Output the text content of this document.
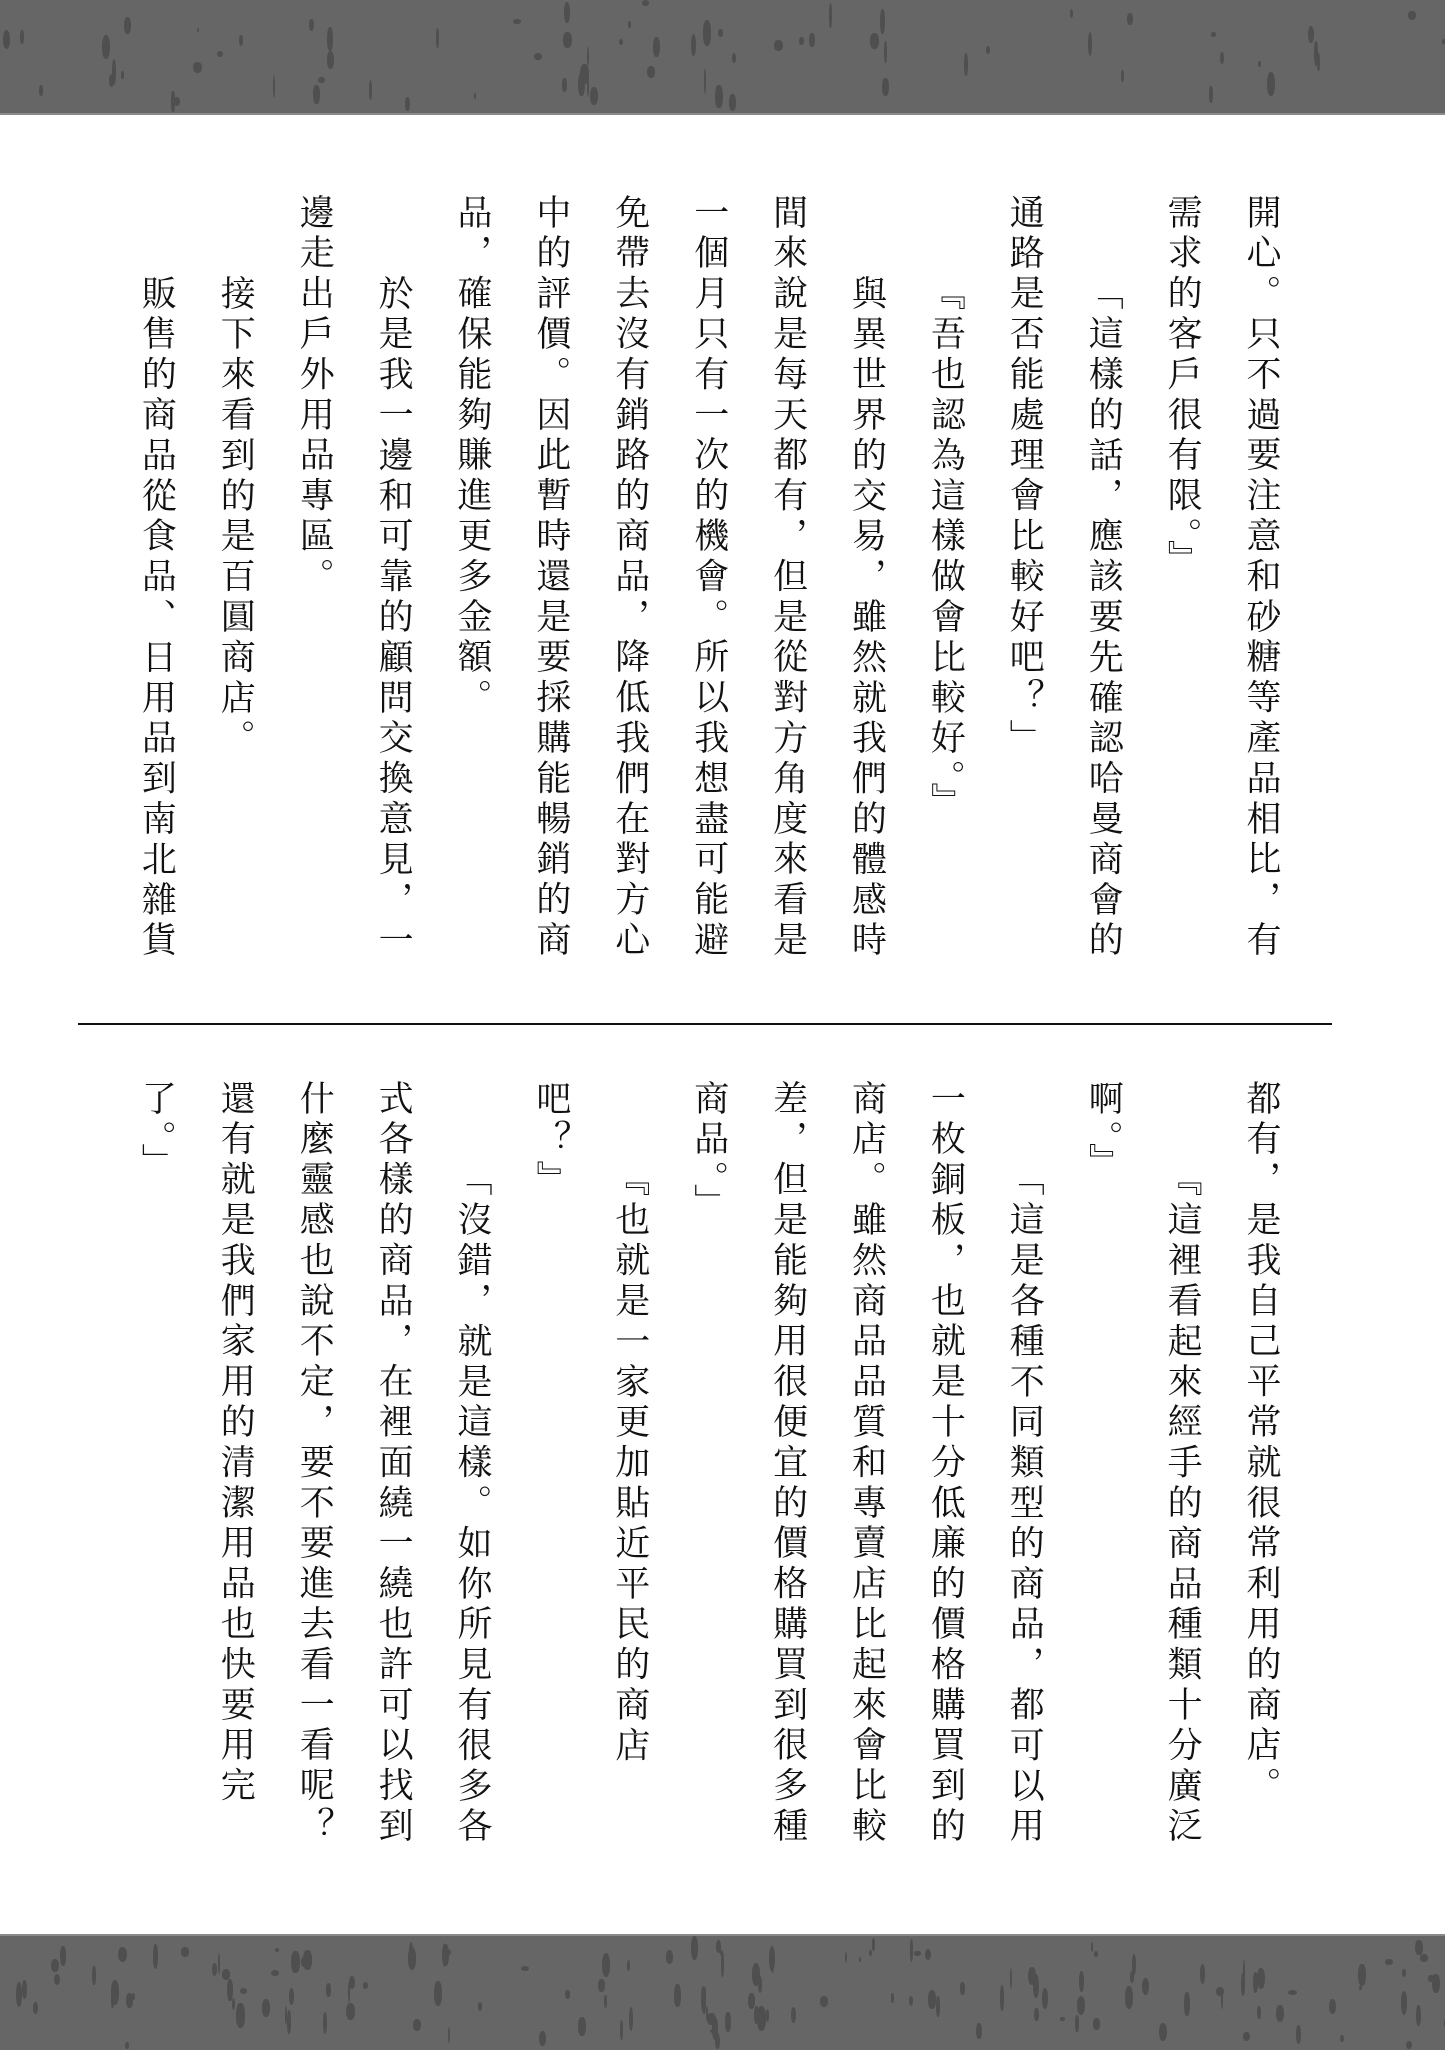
開心。只不過要注意和砂糖等產品相比，有
需求的客戶很有限。』
「這樣的話，應該要先確認哈曼商會的
通路是否能處理會比較好吧？」
『吾也認為這樣做會比較好。』
與異世界的交易，雖然就我們的體感時
間來說是每天都有，但是從對方角度來看是
一個月只有一次的機會。所以我想盡可能避
免帶去沒有銷路的商品，降低我們在對方心
中的評價。因此暫時還是要採購能暢銷的商
品，確保能夠賺進更多金額。
於是我一邊和可靠的顧問交換意見，一
邊走出戶外用品專區。
接下來看到的是百圓商店。
販售的商品從食品、日用品到南北雜貨
都有，是我自己平常就很常利用的商店。
『這裡看起來經手的商品種類十分廣泛
啊。』
「這是各種不同類型的商品，都可以用
一枚銅板，也就是十分低廉的價格購買到的
商店。雖然商品品質和專賣店比起來會比較
差，但是能夠用很便宜的價格購買到很多種
商品。」
『也就是一家更加貼近平民的商店
吧？』
「沒錯，就是這樣。如你所見有很多各
式各樣的商品，在裡面繞一繞也許可以找到
什麼靈感也說不定，要不要進去看一看呢？
還有就是我們家用的清潔用品也快要用完
了。」
